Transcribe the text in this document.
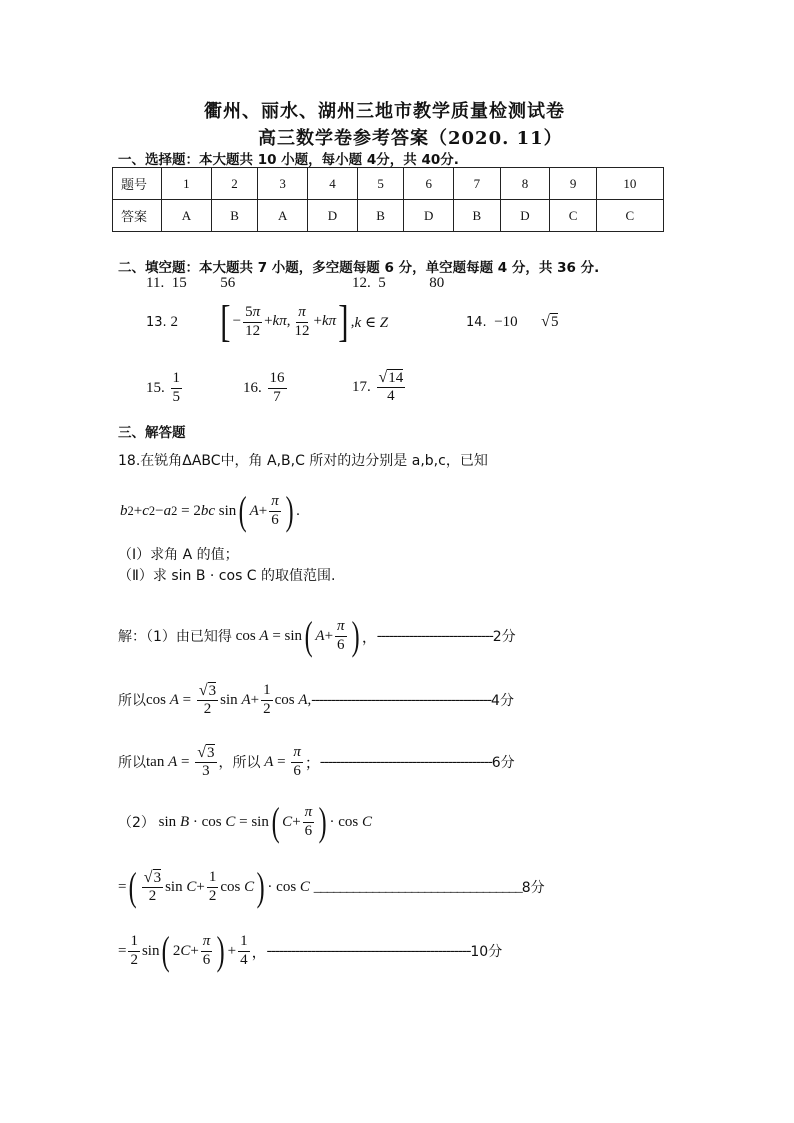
衢州、丽水、湖州三地市教学质量检测试卷
高三数学卷参考答案（2020. 11）
一、选择题：本大题共 10 小题，每小题 4分，共 40分.
题号	1	2	3	4	5	6	7	8	9	10
答案	A	B	A	D	B	D	B	D	C	C
二、填空题：本大题共 7 小题，多空题每题 6 分，单空题每题 4 分，共 36 分.
11. 15 56	12. 5	80
13.
2 [ − $\frac{5\pi}{12} +k\pi$, $\frac{\pi}{12} +k\pi$ ] , k ∈ Z	14. −10 √5
15.
$\frac{1}{5}$	16.
$\frac{16}{7}$	17.
$\frac{√14}{4}$
三、解答题
18.在锐角ΔABC中，角 A,B,C 所对的边分别是 a,b,c，已知
b 2 + c 2 − a 2 = 2 bc sin ( $A + \frac{\pi}{6}$ ) .
（Ⅰ）求角 A 的值；
（Ⅱ）求 sin B · cos C 的取值范围.
解：（1）由已知得 cos A = sin ( $A + \frac{\pi}{6}$ ) ， ----------------------------- 2分
所以 $\cos A = \frac{√3}{2}$ $\sin A + \frac{1}{2}$ cos A , --------------------------------------------- 4分
所以 $\tan A = \frac{√3}{3}$ ，所以 $A = \frac{\pi}{6}$ ； ------------------------------------------- 6分
（2） sin B · cos C = sin ( $C + \frac{\pi}{6}$ ) · cos C
= ( $\frac{√3}{2}$ $\sin C + \frac{1}{2}$ cos C ) · cos C
________________________________ 8分
= $\frac{1}{2}$ sin ( 2 $C + \frac{\pi}{6}$ ) + $\frac{1}{4}$ ， --------------------------------------------------- 10分
